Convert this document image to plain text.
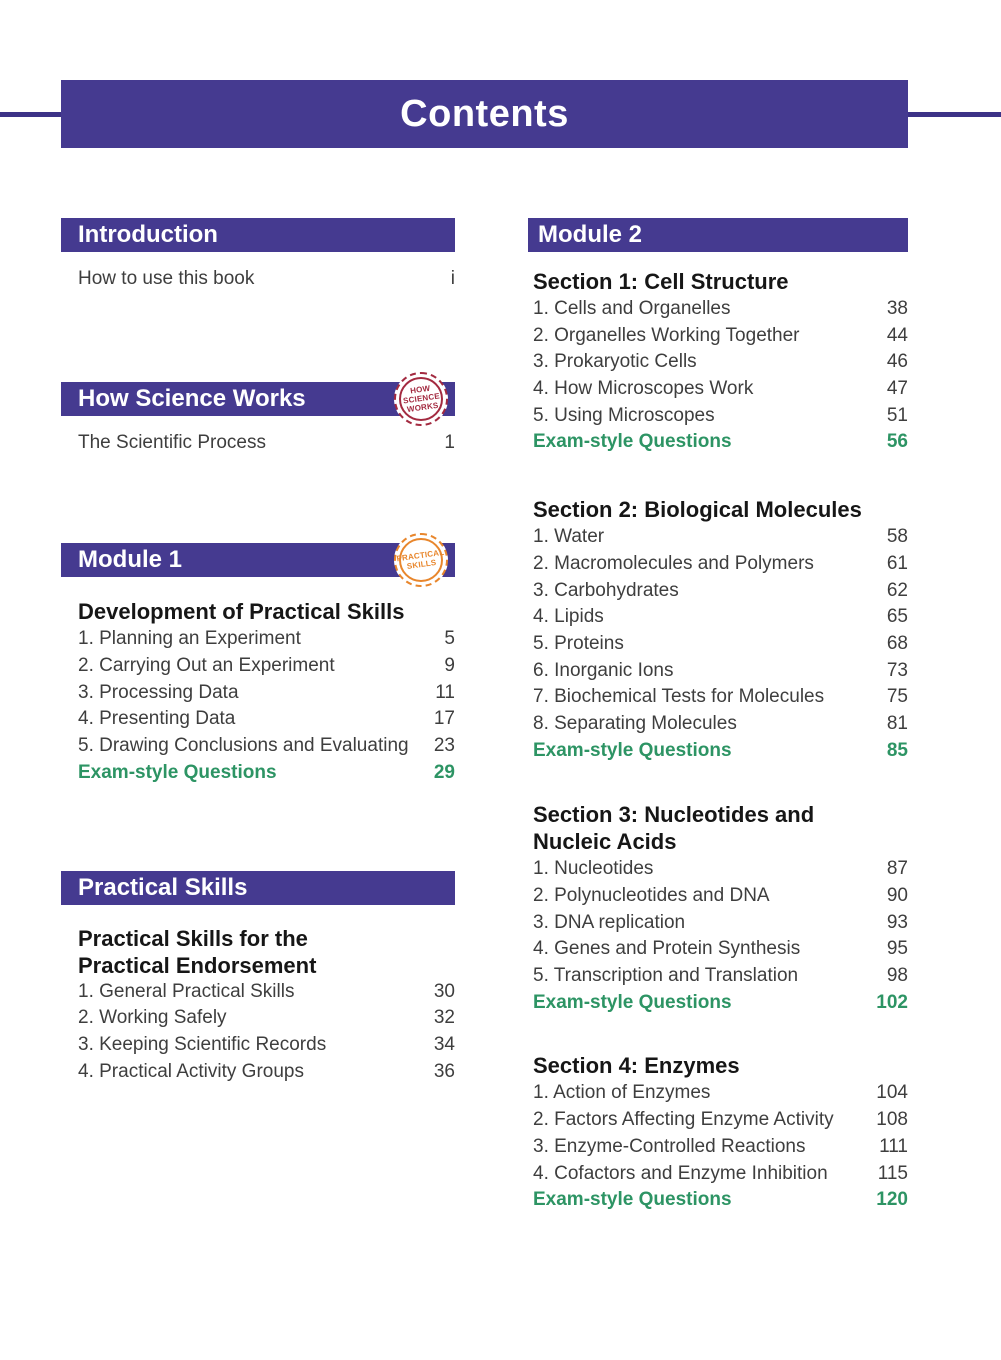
Contents
Introduction
How to use this book	i
How Science Works	HOW
SCIENCE
WORKS
The Scientific Process	1
Module 1	PRACTICAL
SKILLS
Development of Practical Skills
1. Planning an Experiment	5
2. Carrying Out an Experiment	9
3. Processing Data	11
4. Presenting Data	17
5. Drawing Conclusions and Evaluating 23
Exam-style Questions	29
Practical Skills
Practical Skills for the
Practical Endorsement
1. General Practical Skills	30
2. Working Safely	32
3. Keeping Scientific Records	34
4. Practical Activity Groups	36
Module 2
Section 1: Cell Structure
1. Cells and Organelles	38
2. Organelles Working Together	44
3. Prokaryotic Cells	46
4. How Microscopes Work	47
5. Using Microscopes	51
Exam-style Questions	56
Section 2: Biological Molecules
1. Water	58
2. Macromolecules and Polymers	61
3. Carbohydrates	62
4. Lipids	65
5. Proteins	68
6. Inorganic Ions	73
7. Biochemical Tests for Molecules	75
8. Separating Molecules	81
Exam-style Questions	85
Section 3: Nucleotides and
Nucleic Acids
1. Nucleotides	87
2. Polynucleotides and DNA	90
3. DNA replication	93
4. Genes and Protein Synthesis	95
5. Transcription and Translation	98
Exam-style Questions	102
Section 4: Enzymes
1. Action of Enzymes	104
2. Factors Affecting Enzyme Activity 108
3. Enzyme-Controlled Reactions	111
4. Cofactors and Enzyme Inhibition	115
Exam-style Questions	120
